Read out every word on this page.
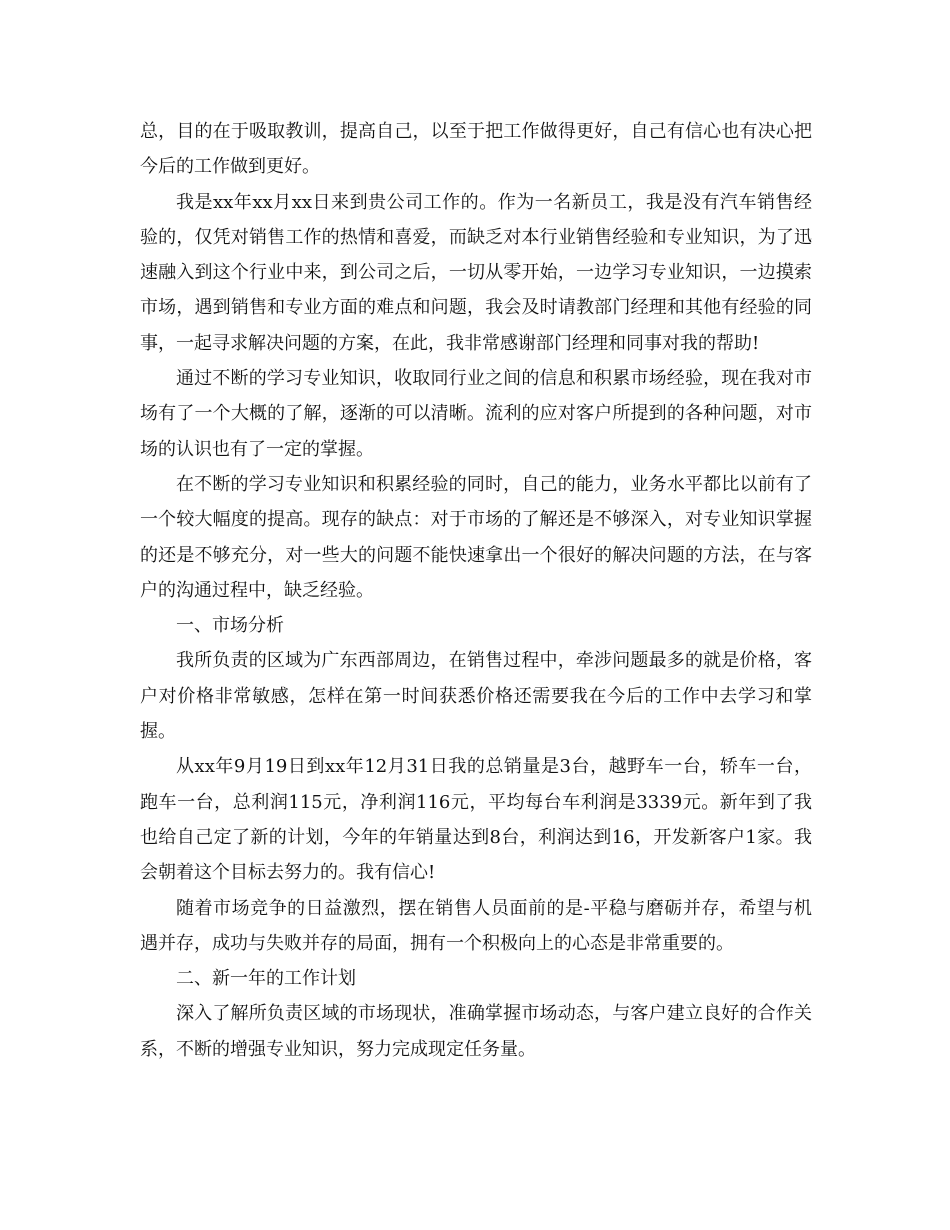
总，目的在于吸取教训，提高自己，以至于把工作做得更好，自己有信心也有决心把今后的工作做到更好。

我是xx年xx月xx日来到贵公司工作的。作为一名新员工，我是没有汽车销售经验的，仅凭对销售工作的热情和喜爱，而缺乏对本行业销售经验和专业知识，为了迅速融入到这个行业中来，到公司之后，一切从零开始，一边学习专业知识，一边摸索市场，遇到销售和专业方面的难点和问题，我会及时请教部门经理和其他有经验的同事，一起寻求解决问题的方案，在此，我非常感谢部门经理和同事对我的帮助!

通过不断的学习专业知识，收取同行业之间的信息和积累市场经验，现在我对市场有了一个大概的了解，逐渐的可以清晰。流利的应对客户所提到的各种问题，对市场的认识也有了一定的掌握。

在不断的学习专业知识和积累经验的同时，自己的能力，业务水平都比以前有了一个较大幅度的提高。现存的缺点：对于市场的了解还是不够深入，对专业知识掌握的还是不够充分，对一些大的问题不能快速拿出一个很好的解决问题的方法，在与客户的沟通过程中，缺乏经验。

一、市场分析

我所负责的区域为广东西部周边，在销售过程中，牵涉问题最多的就是价格，客户对价格非常敏感，怎样在第一时间获悉价格还需要我在今后的工作中去学习和掌握。

从xx年9月19日到xx年12月31日我的总销量是3台，越野车一台，轿车一台，跑车一台，总利润115元，净利润116元，平均每台车利润是3339元。新年到了我也给自己定了新的计划，今年的年销量达到8台，利润达到16，开发新客户1家。我会朝着这个目标去努力的。我有信心!

随着市场竞争的日益激烈，摆在销售人员面前的是-平稳与磨砺并存，希望与机遇并存，成功与失败并存的局面，拥有一个积极向上的心态是非常重要的。

二、新一年的工作计划

深入了解所负责区域的市场现状，准确掌握市场动态，与客户建立良好的合作关系，不断的增强专业知识，努力完成现定任务量。
